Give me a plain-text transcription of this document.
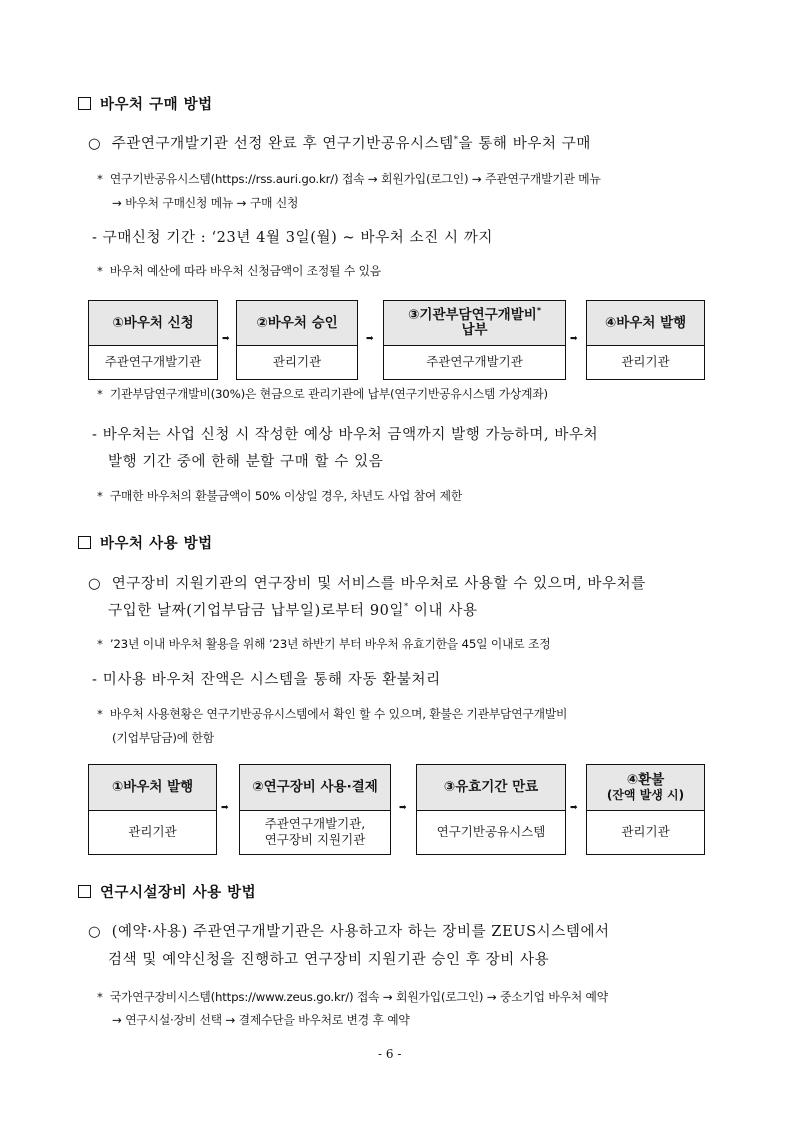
바우처 구매 방법
○ 주관연구개발기관 선정 완료 후 연구기반공유시스템*을 통해 바우처 구매
* 연구기반공유시스템(https://rss.auri.go.kr/) 접속 → 회원가입(로그인) → 주관연구개발기관 메뉴
→ 바우처 구매신청 메뉴 → 구매 신청
- 구매신청 기간 : ‘23년 4월 3일(월) ~ 바우처 소진 시 까지
* 바우처 예산에 따라 바우처 신청금액이 조정될 수 있음
①바우처 신청
주관연구개발기관
➡
②바우처 승인
관리기관
➡
③기관부담연구개발비*
납부
주관연구개발기관
➡
④바우처 발행
관리기관
* 기관부담연구개발비(30%)은 현금으로 관리기관에 납부(연구기반공유시스템 가상계좌)
- 바우처는 사업 신청 시 작성한 예상 바우처 금액까지 발행 가능하며, 바우처
발행 기간 중에 한해 분할 구매 할 수 있음
* 구매한 바우처의 환불금액이 50% 이상일 경우, 차년도 사업 참여 제한
바우처 사용 방법
○ 연구장비 지원기관의 연구장비 및 서비스를 바우처로 사용할 수 있으며, 바우처를
구입한 날짜(기업부담금 납부일)로부터 90일* 이내 사용
* ’23년 이내 바우처 활용을 위해 ’23년 하반기 부터 바우처 유효기한을 45일 이내로 조정
- 미사용 바우처 잔액은 시스템을 통해 자동 환불처리
* 바우처 사용현황은 연구기반공유시스템에서 확인 할 수 있으며, 환불은 기관부담연구개발비
(기업부담금)에 한함
①바우처 발행
관리기관
➡
②연구장비 사용·결제
주관연구개발기관,
연구장비 지원기관
➡
③유효기간 만료
연구기반공유시스템
➡
④환불
(잔액 발생 시)
관리기관
연구시설장비 사용 방법
○ (예약·사용) 주관연구개발기관은 사용하고자 하는 장비를 ZEUS시스템에서
검색 및 예약신청을 진행하고 연구장비 지원기관 승인 후 장비 사용
* 국가연구장비시스템(https://www.zeus.go.kr/) 접속 → 회원가입(로그인) → 중소기업 바우처 예약
→ 연구시설·장비 선택 → 결제수단을 바우처로 변경 후 예약
- 6 -
